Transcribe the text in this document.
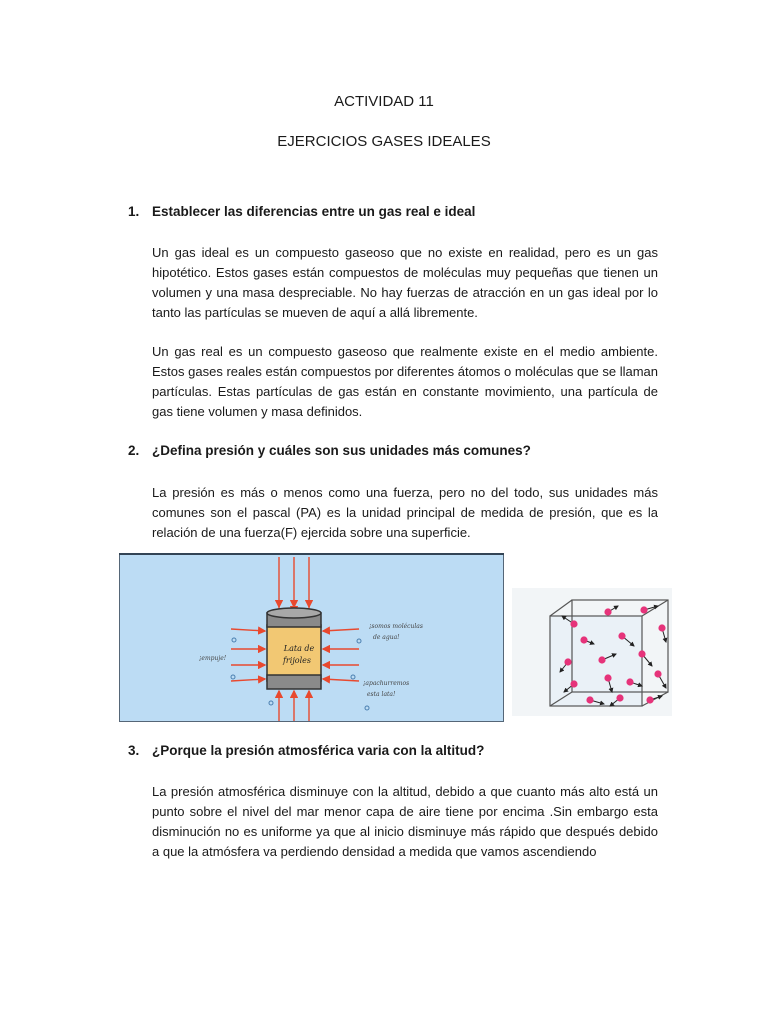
ACTIVIDAD 11
EJERCICIOS GASES IDEALES
1. Establecer las diferencias entre un gas real e ideal

Un gas ideal es un compuesto gaseoso que no existe en realidad, pero es un gas hipotético. Estos gases están compuestos de moléculas muy pequeñas que tienen un volumen y una masa despreciable. No hay fuerzas de atracción en un gas ideal por lo tanto las partículas se mueven de aquí a allá libremente.

Un gas real es un compuesto gaseoso que realmente existe en el medio ambiente. Estos gases reales están compuestos por diferentes átomos o moléculas que se llaman partículas. Estas partículas de gas están en constante movimiento, una partícula de gas tiene volumen y masa definidos.

2. ¿Defina presión y cuáles son sus unidades más comunes?

La presión es más o menos como una fuerza, pero no del todo, sus unidades más comunes son el pascal (PA) es la unidad principal de medida de presión, que es la relación de una fuerza(F) ejercida sobre una superficie.

Lata de
frijoles
¡somos moléculas
de agua!
¡empuje!
¡apachurremos
esta lata!
3. ¿Porque la presión atmosférica varia con la altitud?

La presión atmosférica disminuye con la altitud, debido a que cuanto más alto está un punto sobre el nivel del mar menor capa de aire tiene por encima .Sin embargo esta disminución no es uniforme ya que al inicio disminuye más rápido que después debido a que la atmósfera va perdiendo densidad a medida que vamos ascendiendo
